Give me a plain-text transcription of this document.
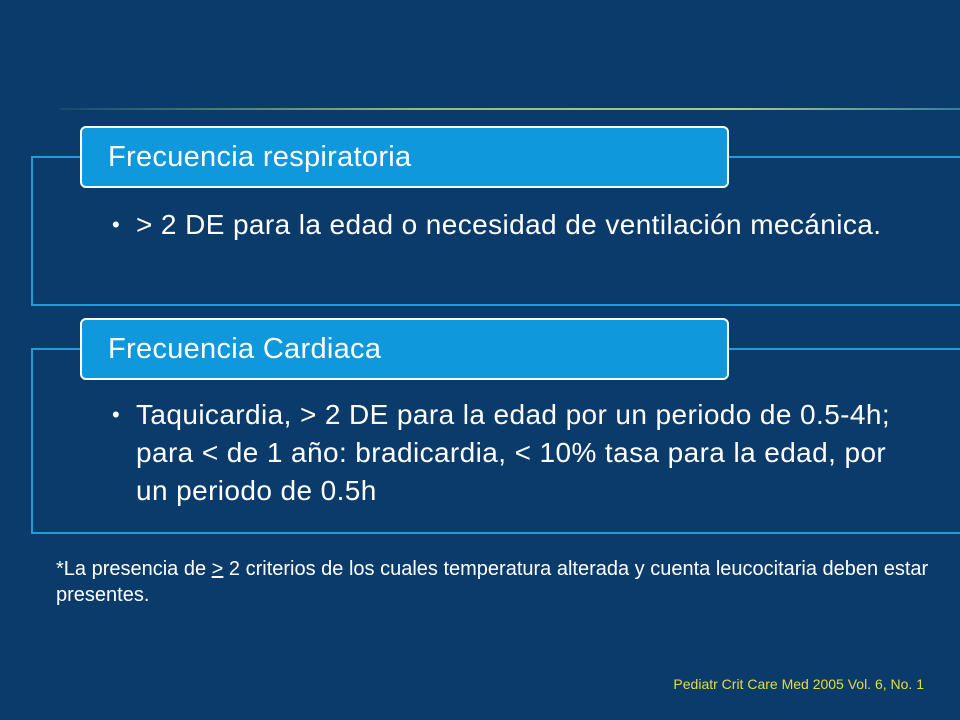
Frecuencia respiratoria
• > 2 DE para la edad o necesidad de ventilación mecánica.
Frecuencia Cardiaca
• Taquicardia, > 2 DE para la edad por un periodo de 0.5-4h; para < de 1 año: bradicardia, < 10% tasa para la edad, por un periodo de 0.5h
*La presencia de > 2 criterios de los cuales temperatura alterada y cuenta leucocitaria deben estar presentes.
Pediatr Crit Care Med 2005 Vol. 6, No. 1
